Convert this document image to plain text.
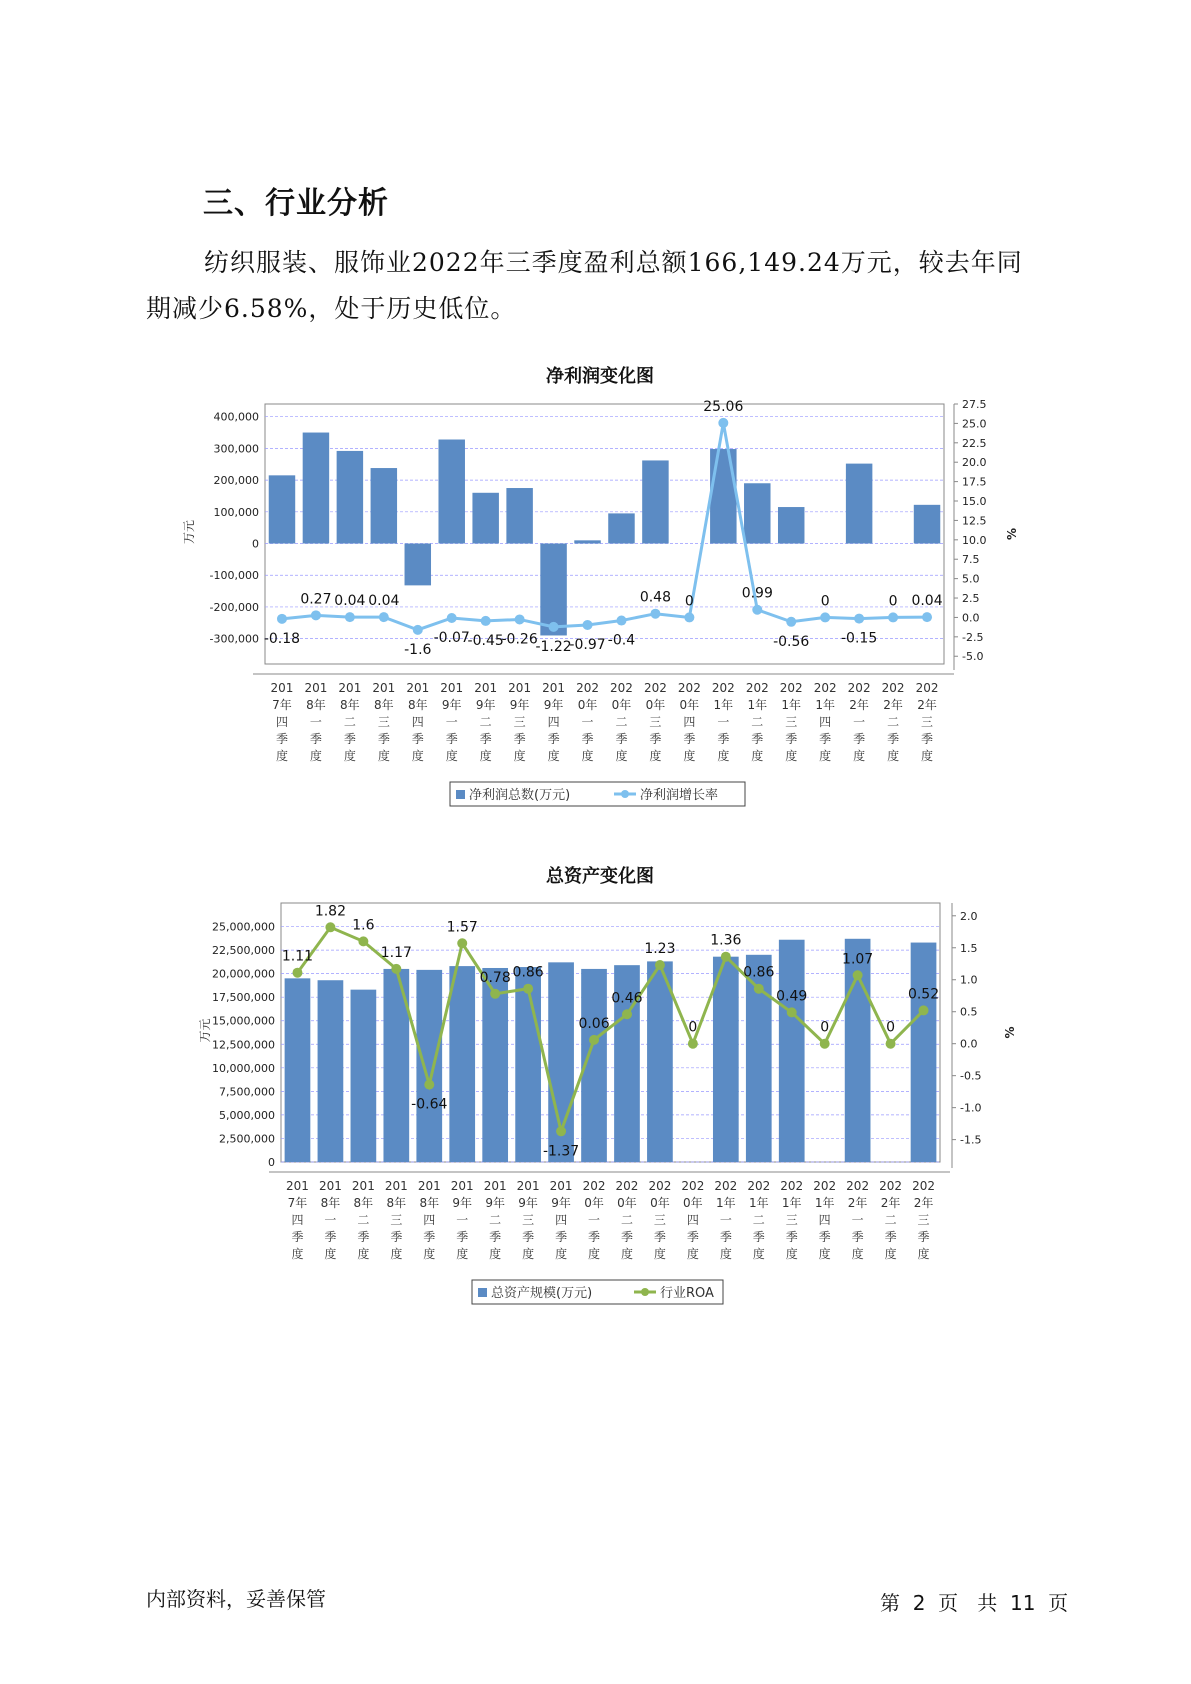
三、行业分析

纺织服装、服饰业2022年三季度盈利总额166,149.24万元，较去年同
期减少6.58%，处于历史低位。

净利润变化图
400,000
300,000
200,000
100,000
0
-100,000
-200,000
-300,000
27.5
25.0
22.5
20.0
17.5
15.0
12.5
10.0
7.5
5.0
2.5
0.0
-2.5
-5.0
万元	%
201
7年
四
季
度
201
8年
一
季
度
201
8年
二
季
度
201
8年
三
季
度
201
8年
四
季
度
201
9年
一
季
度
201
9年
二
季
度
201
9年
三
季
度
201
9年
四
季
度
202
0年
一
季
度
202
0年
二
季
度
202
0年
三
季
度
202
0年
四
季
度
202
1年
一
季
度
202
1年
二
季
度
202
1年
三
季
度
202
1年
四
季
度
202
2年
一
季
度
202
2年
二
季
度
202
2年
三
季
度
-0.18
0.27 0.04 0.04
-1.6
-0.07
-0.45
-0.26
-1.22
-0.97 -0.4
0.48 0
25.06
0.99
-0.56
0
-0.15
0 0.04
净利润总数(万元)	净利润增长率
总资产变化图
25,000,000
22,500,000
20,000,000
17,500,000
15,000,000
12,500,000
10,000,000
7,500,000
5,000,000
2,500,000
0
2.0
1.5
1.0
0.5
0.0
-0.5
-1.0
-1.5
万元	%
201
7年
四
季
度
201
8年
一
季
度
201
8年
二
季
度
201
8年
三
季
度
201
8年
四
季
度
201
9年
一
季
度
201
9年
二
季
度
201
9年
三
季
度
201
9年
四
季
度
202
0年
一
季
度
202
0年
二
季
度
202
0年
三
季
度
202
0年
四
季
度
202
1年
一
季
度
202
1年
二
季
度
202
1年
三
季
度
202
1年
四
季
度
202
2年
一
季
度
202
2年
二
季
度
202
2年
三
季
度
1.11
1.82
1.6
1.17
-0.64
1.57
0.78 0.86
-1.37
0.06
0.46
1.23
0
1.36
0.86
0.49
0
1.07
0
0.52
总资产规模(万元)	行业ROA
内部资料，妥善保管	第 2 页 共 11 页
